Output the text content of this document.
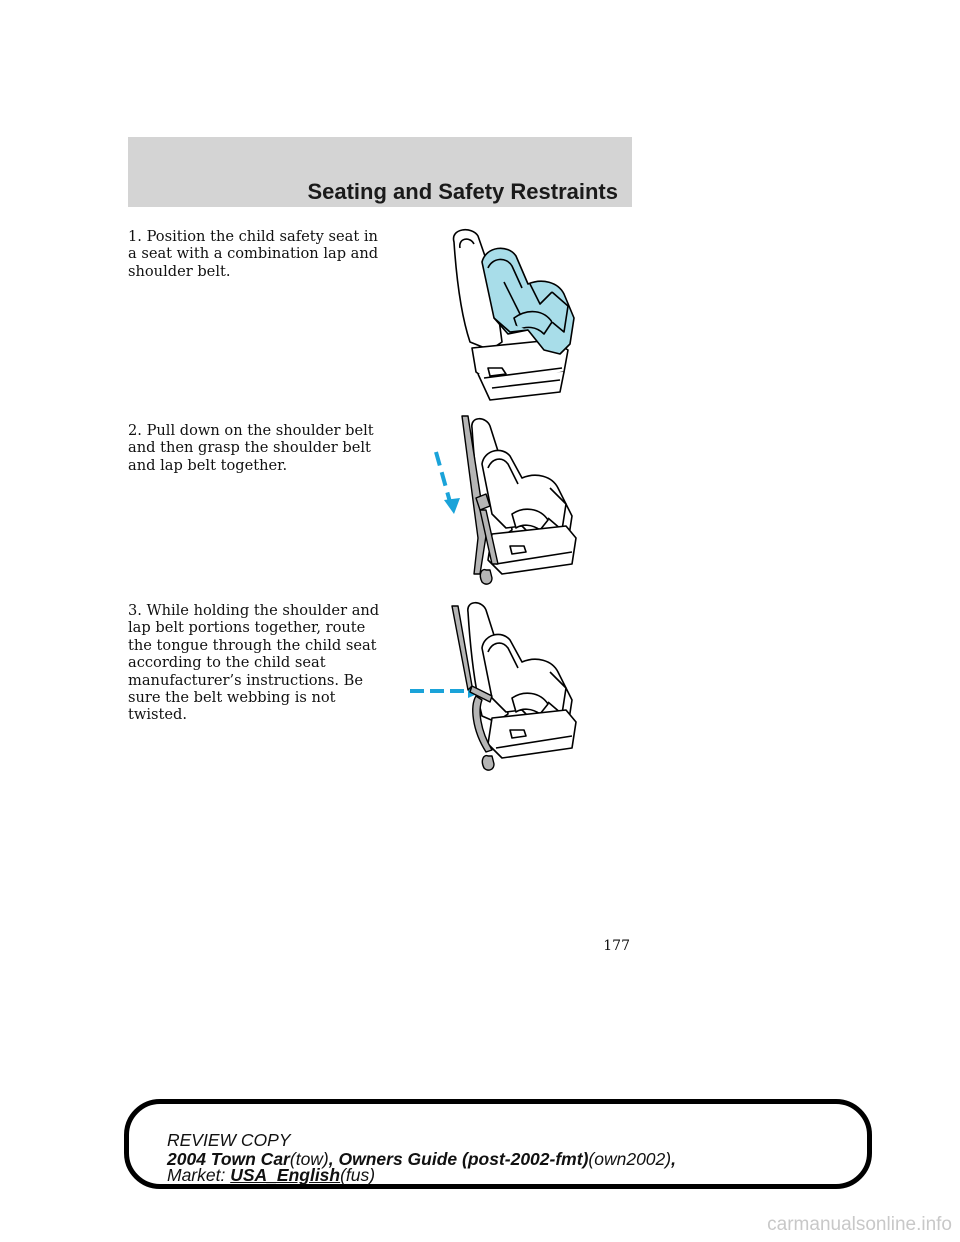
Seating and Safety Restraints

1. Position the child safety seat in a seat with a combination lap and shoulder belt.

2. Pull down on the shoulder belt and then grasp the shoulder belt and lap belt together.

3. While holding the shoulder and lap belt portions together, route the tongue through the child seat according to the child seat manufacturer’s instructions. Be sure the belt webbing is not twisted.

177
REVIEW COPY
2004 Town Car(tow), Owners Guide (post-2002-fmt)(own2002),
Market: USA_English(fus)
carmanualsonline.info
